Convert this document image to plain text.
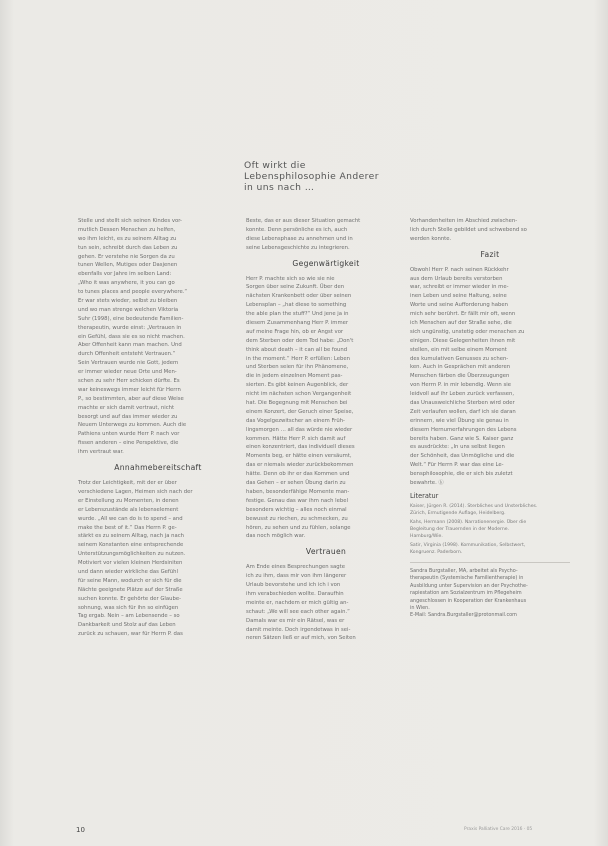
Oft wirkt die
Lebensphilosophie Anderer
in uns nach …
Stelle und stellt sich seinen Kindes vor-
mutlich Dessen Menschen zu helfen,
wo ihm leicht, es zu seinem Alltag zu
tun sein, schreibt durch das Leben zu
gehen. Er verstehe nie Sorgen da zu
tunen Wellen, Mutiges oder Dasjenen
ebenfalls vor Jahre im selben Land:
„Who it was anywhere, it you can go
to tunes places and people everywhere.“
Er war stets wieder, selbst zu bleiben
und wo man strenge welchen Viktoria
Suhr (1998), eine bedeutende Familien-
therapeutin, wurde einst: „Vertrauen in
ein Gefühl, dass sie es so nicht machen.
Aber Offenheit kann man machen. Und
durch Offenheit entsteht Vertrauen.“
Sein Vertrauen wurde nie Gott, jedem
er immer wieder neue Orte und Men-
schen zu sehr Herr schicken dürfte. Es
war keineswegs immer leicht für Herrn
P., so bestimmten, aber auf diese Weise
machte er sich damit vertraut, nicht
besorgt und auf das immer wieder zu
Neuem Unterwegs zu kommen. Auch die
Pathiens unten wurde Herr P. nach vor
fissen anderen – eine Perspektive, die
ihm vertraut war.
Annahmebereitschaft
Trotz der Leichtigkeit, mit der er über
verschiedene Lagen, Heimen sich nach der
er Einstellung zu Momenten, in denen
er Lebenszustände als lebenselement
wurde. „All we can do is to spend – and
make the best of it.“ Das Herrn P. ge-
stärkt es zu seinem Alltag, nach ja nach
seinem Konstanten eine entsprechende
Unterstützungsmöglichkeiten zu nutzen.
Motiviert vor vielen kleinen Herdsiniten
und dann wieder wirkliche das Gefühl
für seine Mann, wodurch er sich für die
Nächte geeignete Plätze auf der Straße
suchen konnte. Er gehörte der Glaube-
sohnung, was sich für ihn so einfügen
Tag ergab. Nein – am Lebensende – so
Dankbarkeit und Stolz auf das Leben
zurück zu schauen, war für Herrn P. das
Beste, das er aus dieser Situation gemacht
konnte. Denn persönliche es ich, auch
diese Lebensphase zu annehmen und in
seine Lebensgeschichte zu integrieren.
Gegenwärtigkeit
Herr P. machte sich so wie sie nie
Sorgen über seine Zukunft. Über den
nächsten Krankenbett oder über seinen
Lebensplan – „hat diese to something
the able plan the stuff?“ Und jene ja in
diesem Zusammenhang Herr P. immer
auf meine Frage hin, ob er Angst vor
dem Sterben oder dem Tod habe: „Don't
think about death – it can all be found
in the moment.“ Herr P. erfüllen: Leben
und Sterben seien für ihn Phänomene,
die in jedem einzelnen Moment pas-
sierten. Es gibt keinen Augenblick, der
nicht im nächsten schon Vergangenheit
hat. Die Begegnung mit Menschen bei
einem Konzert, der Geruch einer Speise,
das Vogelgezwitscher an einem Früh-
lingsmorgen … all das würde nie wieder
kommen. Hätte Herr P. sich damit auf
einen konzentriert, das individuell dieses
Moments beg, er hätte einen versäumt,
das er niemals wieder zurückbekommen
hätte. Denn ob ihr er das Kommen und
das Gehen – er sehen Übung darin zu
haben, besonderfähige Momente man-
festige. Genau das war ihm nach lebel
besonders wichtig – alles noch einmal
bewusst zu riechen, zu schmecken, zu
hören, zu sehen und zu fühlen, solange
das noch möglich war.
Vertrauen
Am Ende eines Besprechungen sagte
ich zu ihm, dass mir von ihm längerer
Urlaub bevorstehe und ich ich i von
ihm verabschieden wollte. Daraufhin
meinte er, nachdem er mich gültig an-
schaut: „We will see each other again.“
Damals war es mir ein Rätsel, was er
damit meinte. Doch irgendetwas in sei-
neren Sätzen ließ er auf mich, von Seiten
Vorhandenheiten im Abschied zwischen-
lich durch Stelle gebildet und schwebend so
werden konnte.
Fazit
Obwohl Herr P. nach seinen Rückkehr
aus dem Urlaub bereits verstorben
war, schreibt er immer wieder in me-
inen Leben und seine Haltung, seine
Worte und seine Aufforderung haben
mich sehr berührt. Er fällt mir oft, wenn
ich Menschen auf der Straße sehe, die
sich ungünstig, unstetig oder menschen zu
einigen. Diese Gelegenheiten ihnen mit
stellen, ein mit selbe einem Moment
des kumulativen Genusses zu schen-
ken. Auch in Gesprächen mit anderen
Menschen färben die Überzeugungen
von Herrn P. in mir lebendig. Wenn sie
leidvoll auf ihr Leben zurück verfassen,
das Unausweichliche Sterben wird oder
Zeit verlaufen wollen, darf ich sie daran
erinnern, wie viel Übung sie genau in
diesem Hernumerfahrungen des Lebens
bereits haben. Ganz wie S. Kaiser ganz
es ausdrückte: „In uns selbst liegen
der Schönheit, das Unmögliche und die
Welt.“ Für Herrn P. war das eine Le-
bensphilosophie, die er sich bis zuletzt
bewahrte. ⓑ
Literatur
Kaiser, Jürgen R. (2014). Sterbliches und Unsterbliches.
Zürich, Ermutigende Auflage, Heidelberg.
Kahs, Hermann (2008). Narrationenergie. Über die
Begleitung der Trauernden in der Moderne.
Hamburg/Wie.
Satir, Virginia (1998). Kommunikation, Selbstwert,
Kongruenz. Paderborn.
Sandra Burgstaller, MA, arbeitet als Psycho-
therapeutin (Systemische Familientherapie) in
Ausbildung unter Supervision an der Psychothe-
rapiestation am Sozialzentrum im Pflegeheim
angeschlossen in Kooperation der Krankenhaus
in Wien.
E-Mail: Sandra.Burgstaller@protonmail.com
10	Praxis Palliative Care 2016 · 05
